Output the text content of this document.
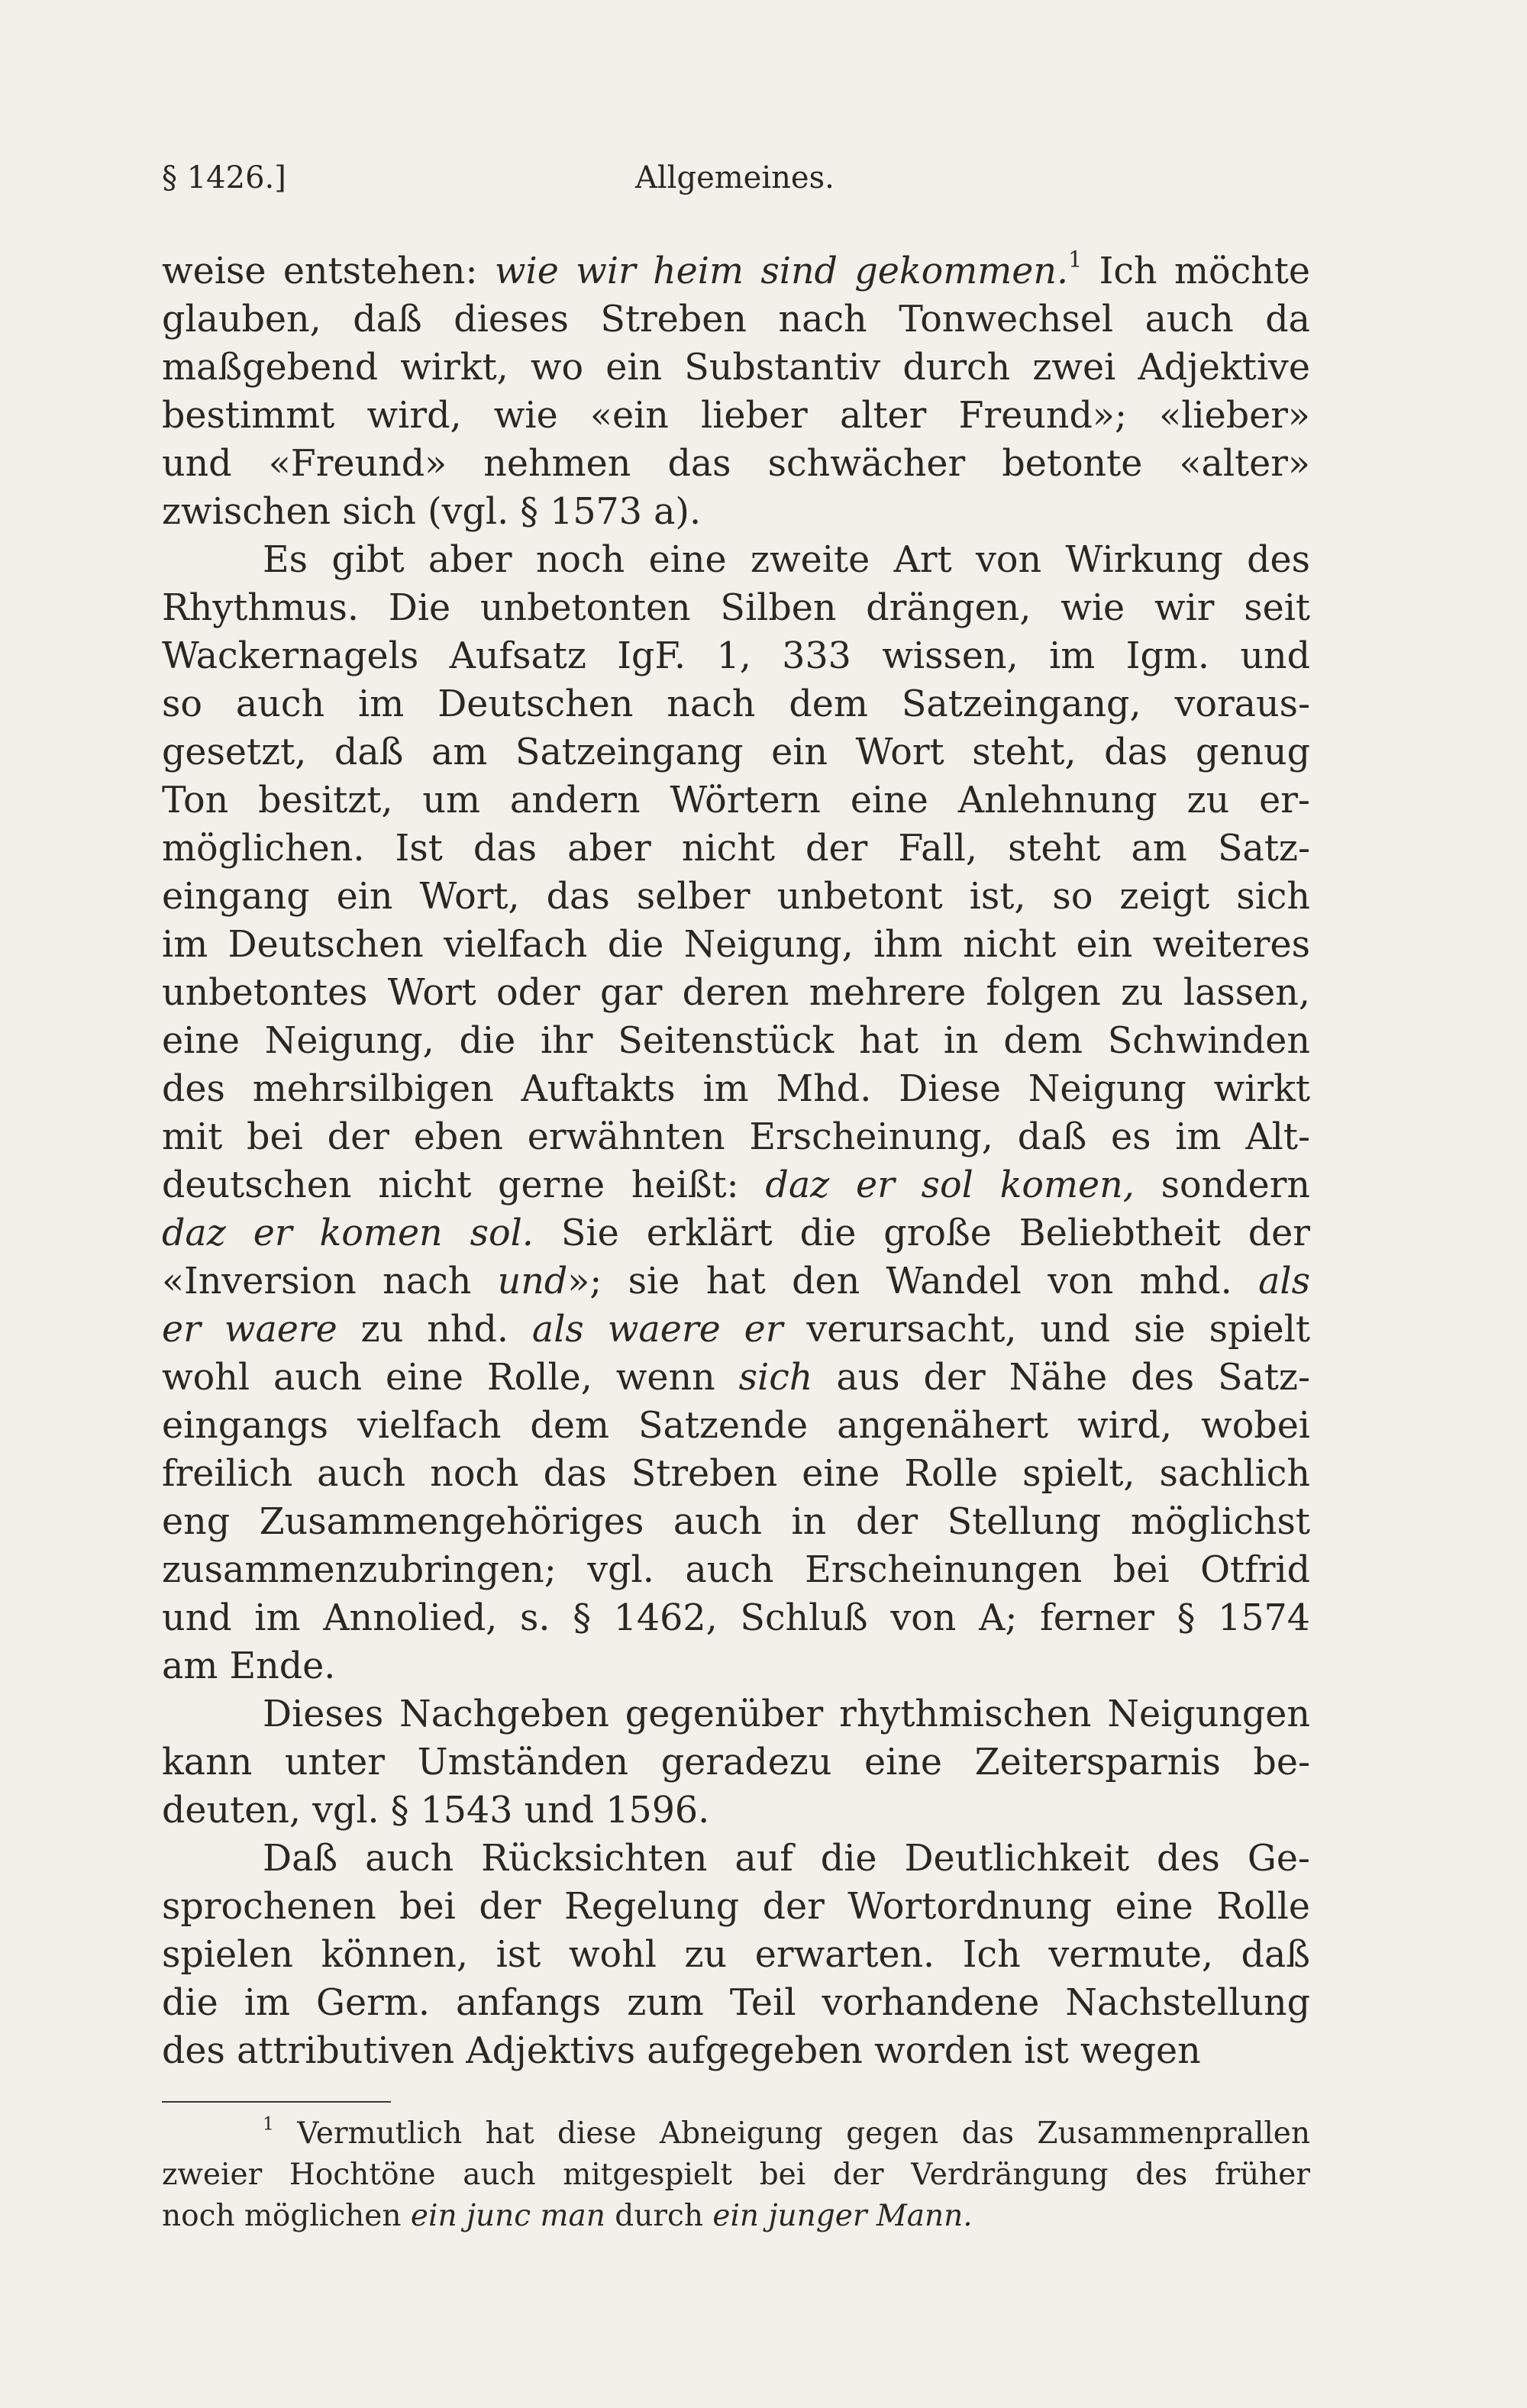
§ 1426.]	Allgemeines.
weise entstehen: wie wir heim sind gekommen.$^1$ Ich möchte
glauben, daß dieses Streben nach Tonwechsel auch da
maßgebend wirkt, wo ein Substantiv durch zwei Adjektive
bestimmt wird, wie «ein lieber alter Freund»; «lieber»
und «Freund» nehmen das schwächer betonte «alter»
zwischen sich (vgl. § 1573 a).
Es gibt aber noch eine zweite Art von Wirkung des
Rhythmus. Die unbetonten Silben drängen, wie wir seit
Wackernagels Aufsatz IgF. 1, 333 wissen, im Igm. und
so auch im Deutschen nach dem Satzeingang, voraus-
gesetzt, daß am Satzeingang ein Wort steht, das genug
Ton besitzt, um andern Wörtern eine Anlehnung zu er-
möglichen. Ist das aber nicht der Fall, steht am Satz-
eingang ein Wort, das selber unbetont ist, so zeigt sich
im Deutschen vielfach die Neigung, ihm nicht ein weiteres
unbetontes Wort oder gar deren mehrere folgen zu lassen,
eine Neigung, die ihr Seitenstück hat in dem Schwinden
des mehrsilbigen Auftakts im Mhd. Diese Neigung wirkt
mit bei der eben erwähnten Erscheinung, daß es im Alt-
deutschen nicht gerne heißt: daz er sol komen, sondern
daz er komen sol. Sie erklärt die große Beliebtheit der
«Inversion nach und»; sie hat den Wandel von mhd. als
er waere zu nhd. als waere er verursacht, und sie spielt
wohl auch eine Rolle, wenn sich aus der Nähe des Satz-
eingangs vielfach dem Satzende angenähert wird, wobei
freilich auch noch das Streben eine Rolle spielt, sachlich
eng Zusammengehöriges auch in der Stellung möglichst
zusammenzubringen; vgl. auch Erscheinungen bei Otfrid
und im Annolied, s. § 1462, Schluß von A; ferner § 1574
am Ende.
Dieses Nachgeben gegenüber rhythmischen Neigungen
kann unter Umständen geradezu eine Zeitersparnis be-
deuten, vgl. § 1543 und 1596.
Daß auch Rücksichten auf die Deutlichkeit des Ge-
sprochenen bei der Regelung der Wortordnung eine Rolle
spielen können, ist wohl zu erwarten. Ich vermute, daß
die im Germ. anfangs zum Teil vorhandene Nachstellung
des attributiven Adjektivs aufgegeben worden ist wegen
$^1$ Vermutlich hat diese Abneigung gegen das Zusammenprallen
zweier Hochtöne auch mitgespielt bei der Verdrängung des früher
noch möglichen ein junc man durch ein junger Mann.
